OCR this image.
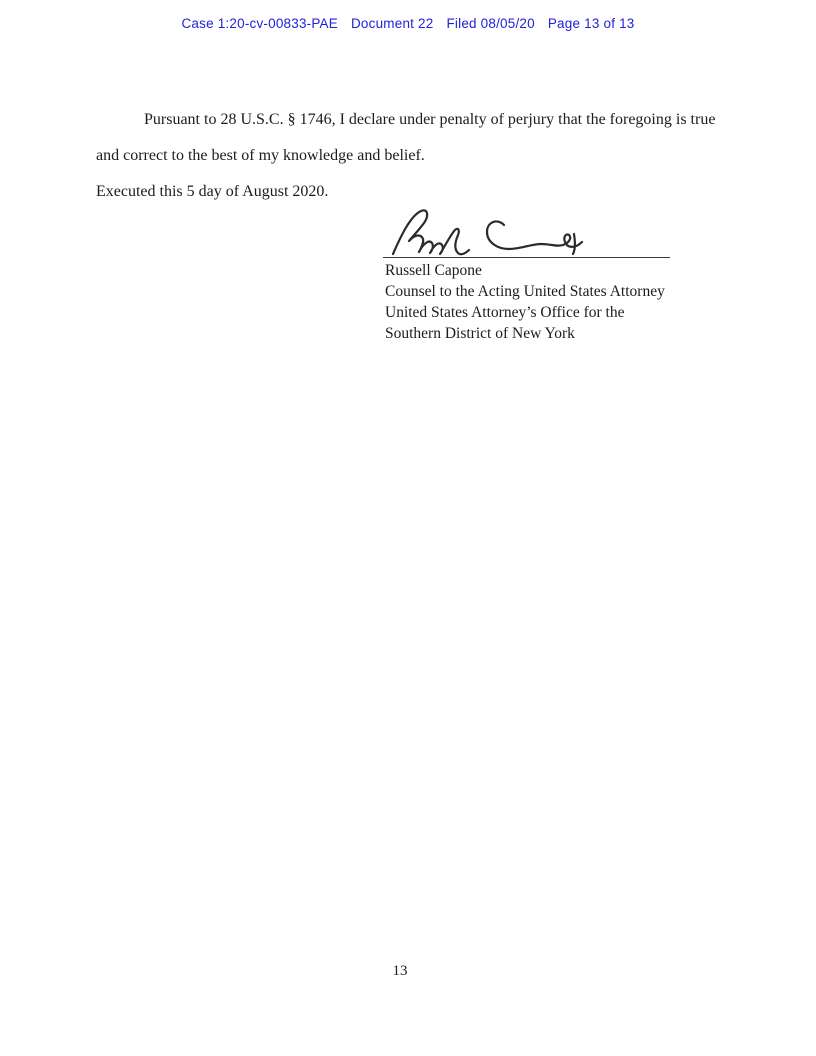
Case 1:20-cv-00833-PAE Document 22 Filed 08/05/20 Page 13 of 13

Pursuant to 28 U.S.C. § 1746, I declare under penalty of perjury that the foregoing is true and correct to the best of my knowledge and belief.

Executed this 5 day of August 2020.

Russell Capone
Counsel to the Acting United States Attorney
United States Attorney’s Office for the
Southern District of New York
13
